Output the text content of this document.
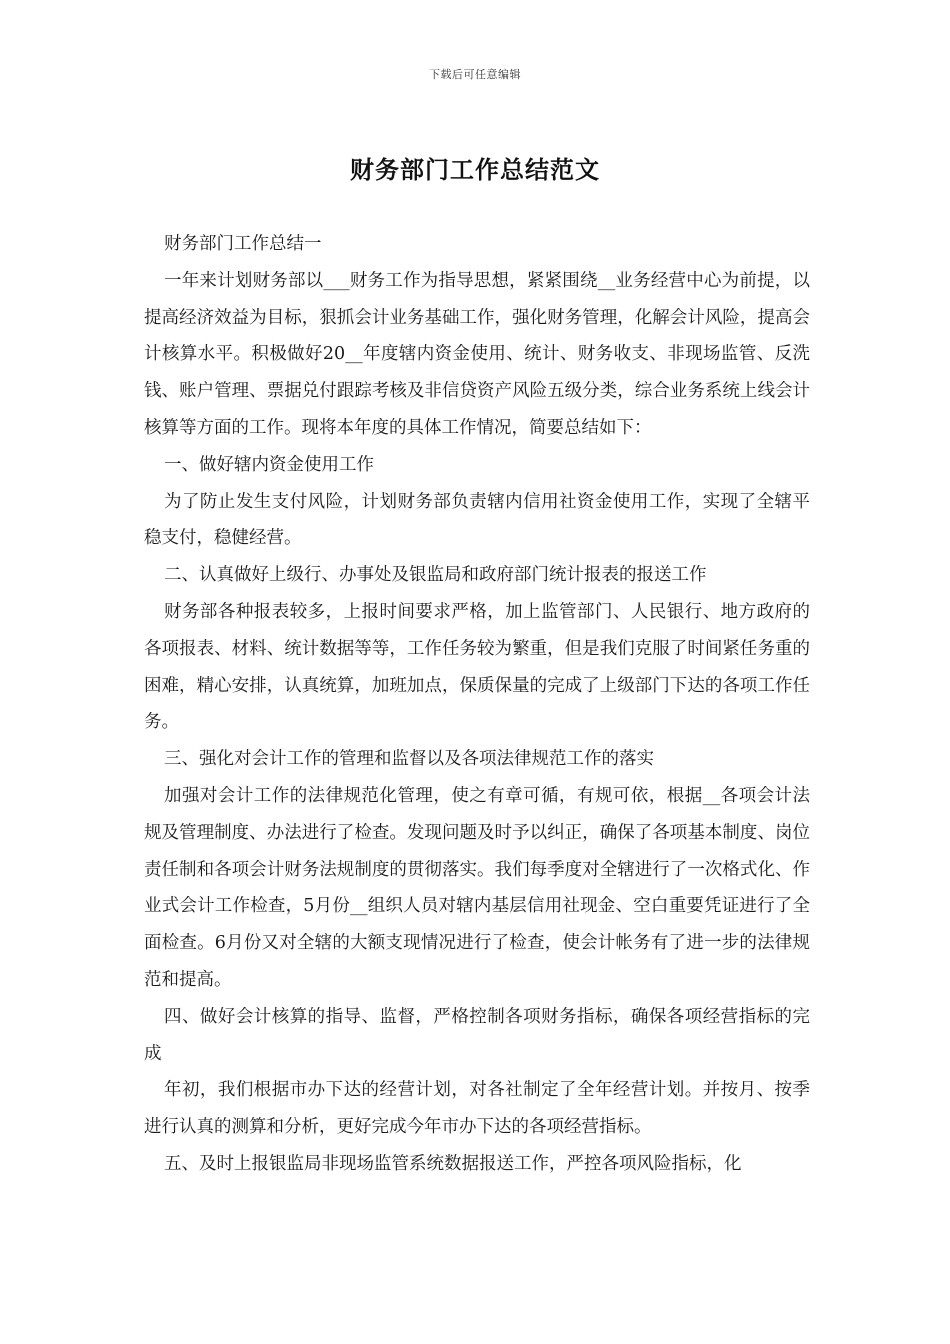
下载后可任意编辑
财务部门工作总结范文

财务部门工作总结一

一年来计划财务部以___财务工作为指导思想，紧紧围绕__业务经营中心为前提，以提高经济效益为目标，狠抓会计业务基础工作，强化财务管理，化解会计风险，提高会计核算水平。积极做好20__年度辖内资金使用、统计、财务收支、非现场监管、反洗钱、账户管理、票据兑付跟踪考核及非信贷资产风险五级分类，综合业务系统上线会计核算等方面的工作。现将本年度的具体工作情况，简要总结如下：

一、做好辖内资金使用工作

为了防止发生支付风险，计划财务部负责辖内信用社资金使用工作，实现了全辖平稳支付，稳健经营。

二、认真做好上级行、办事处及银监局和政府部门统计报表的报送工作

财务部各种报表较多，上报时间要求严格，加上监管部门、人民银行、地方政府的各项报表、材料、统计数据等等，工作任务较为繁重，但是我们克服了时间紧任务重的困难，精心安排，认真统算，加班加点，保质保量的完成了上级部门下达的各项工作任务。

三、强化对会计工作的管理和监督以及各项法律规范工作的落实

加强对会计工作的法律规范化管理，使之有章可循，有规可依，根据__各项会计法规及管理制度、办法进行了检查。发现问题及时予以纠正，确保了各项基本制度、岗位责任制和各项会计财务法规制度的贯彻落实。我们每季度对全辖进行了一次格式化、作业式会计工作检查，5月份__组织人员对辖内基层信用社现金、空白重要凭证进行了全面检查。6月份又对全辖的大额支现情况进行了检查，使会计帐务有了进一步的法律规范和提高。

四、做好会计核算的指导、监督，严格控制各项财务指标，确保各项经营指标的完成

年初，我们根据市办下达的经营计划，对各社制定了全年经营计划。并按月、按季进行认真的测算和分析，更好完成今年市办下达的各项经营指标。

五、及时上报银监局非现场监管系统数据报送工作，严控各项风险指标，化
